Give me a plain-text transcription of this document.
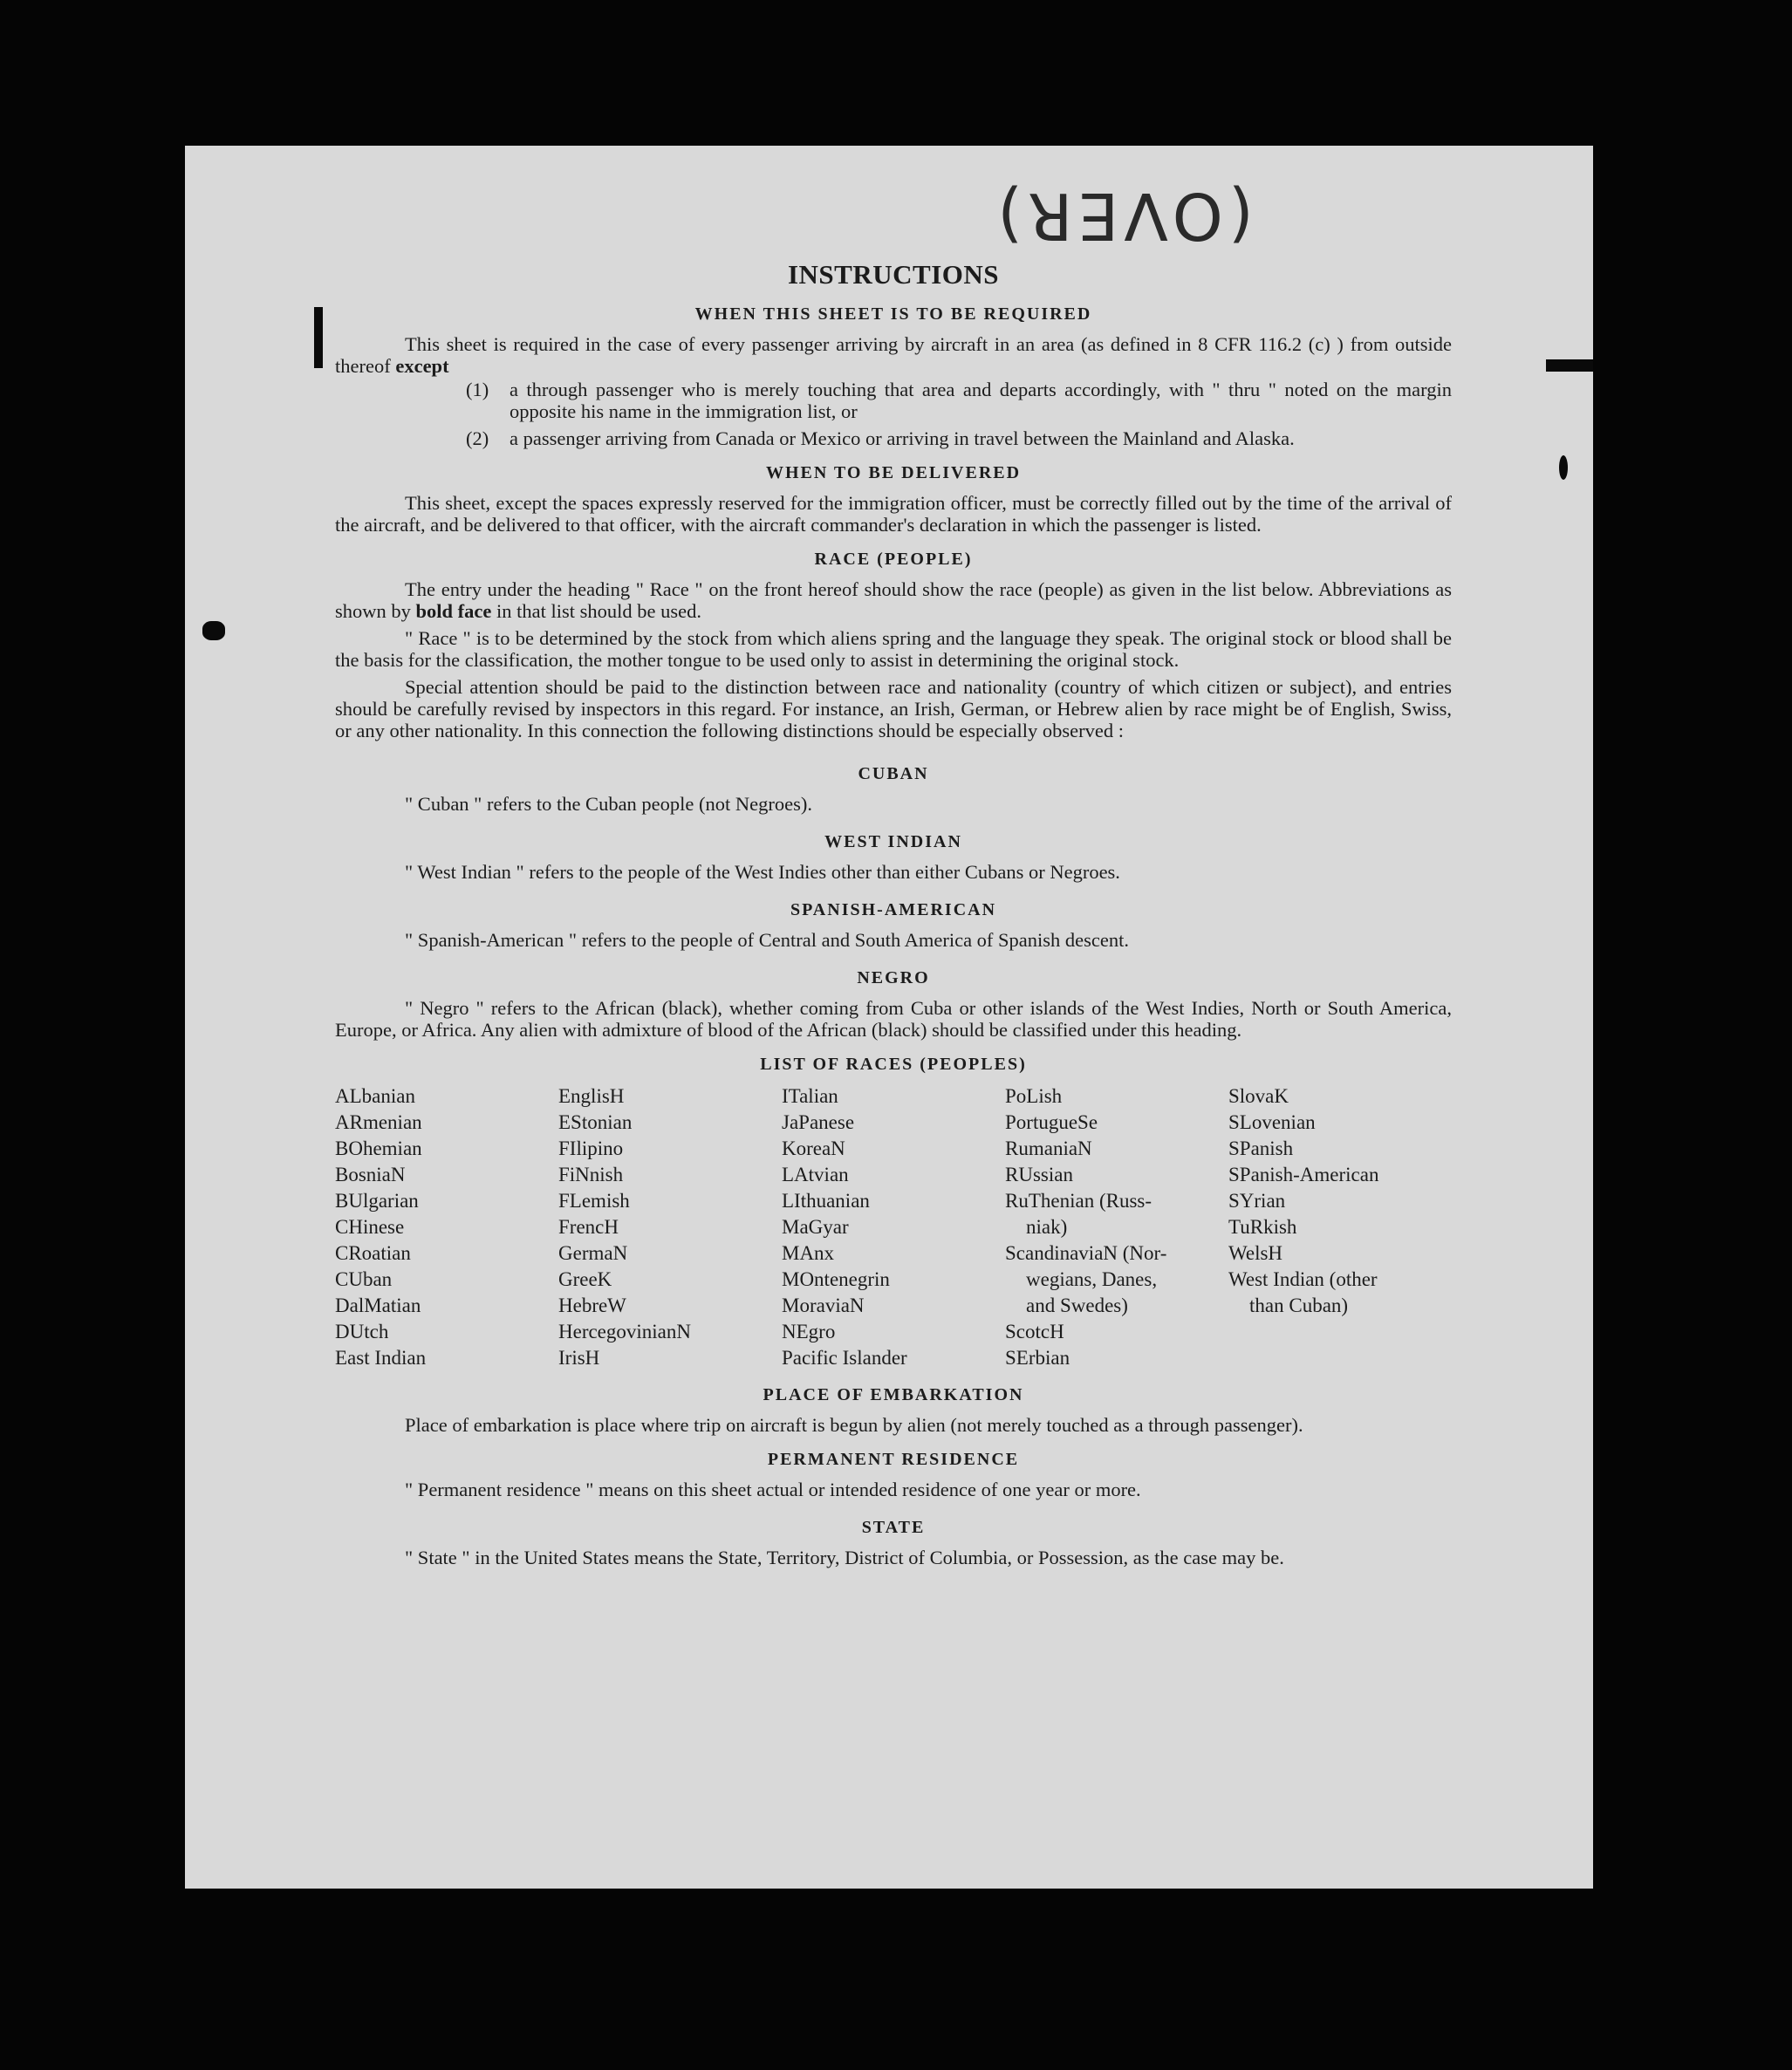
(OVER)
INSTRUCTIONS
WHEN THIS SHEET IS TO BE REQUIRED

This sheet is required in the case of every passenger arriving by aircraft in an area (as defined in 8 CFR 116.2 (c) ) from outside thereof except

(1)	a through passenger who is merely touching that area and departs accordingly, with " thru " noted on the margin opposite his name in the immigration list, or
(2)	a passenger arriving from Canada or Mexico or arriving in travel between the Mainland and Alaska.
WHEN TO BE DELIVERED

This sheet, except the spaces expressly reserved for the immigration officer, must be correctly filled out by the time of the arrival of the aircraft, and be delivered to that officer, with the aircraft commander's declaration in which the passenger is listed.

RACE (PEOPLE)

The entry under the heading " Race " on the front hereof should show the race (people) as given in the list below. Abbreviations as shown by bold face in that list should be used.

" Race " is to be determined by the stock from which aliens spring and the language they speak. The original stock or blood shall be the basis for the classification, the mother tongue to be used only to assist in determining the original stock.

Special attention should be paid to the distinction between race and nationality (country of which citizen or subject), and entries should be carefully revised by inspectors in this regard. For instance, an Irish, German, or Hebrew alien by race might be of English, Swiss, or any other nationality. In this connection the following distinctions should be especially observed :

CUBAN

" Cuban " refers to the Cuban people (not Negroes).

WEST INDIAN

" West Indian " refers to the people of the West Indies other than either Cubans or Negroes.

SPANISH-AMERICAN

" Spanish-American " refers to the people of Central and South America of Spanish descent.

NEGRO

" Negro " refers to the African (black), whether coming from Cuba or other islands of the West Indies, North or South America, Europe, or Africa. Any alien with admixture of blood of the African (black) should be classified under this heading.

LIST OF RACES (PEOPLES)
ALbanian
ARmenian
BOhemian
BosniaN
BUlgarian
CHinese
CRoatian
CUban
DalMatian
DUtch
East Indian
EnglisH
EStonian
FIlipino
FiNnish
FLemish
FrencH
GermaN
GreeK
HebreW
HercegovinianN
IrisH
ITalian
JaPanese
KoreaN
LAtvian
LIthuanian
MaGyar
MAnx
MOntenegrin
MoraviaN
NEgro
Pacific Islander
PoLish
PortugueSe
RumaniaN
RUssian
RuThenian (Russ-
niak)
ScandinaviaN (Nor-
wegians, Danes,
and Swedes)
ScotcH
SErbian
SlovaK
SLovenian
SPanish
SPanish-American
SYrian
TuRkish
WelsH
West Indian (other
than Cuban)
PLACE OF EMBARKATION

Place of embarkation is place where trip on aircraft is begun by alien (not merely touched as a through passenger).

PERMANENT RESIDENCE

" Permanent residence " means on this sheet actual or intended residence of one year or more.

STATE

" State " in the United States means the State, Territory, District of Columbia, or Possession, as the case may be.
